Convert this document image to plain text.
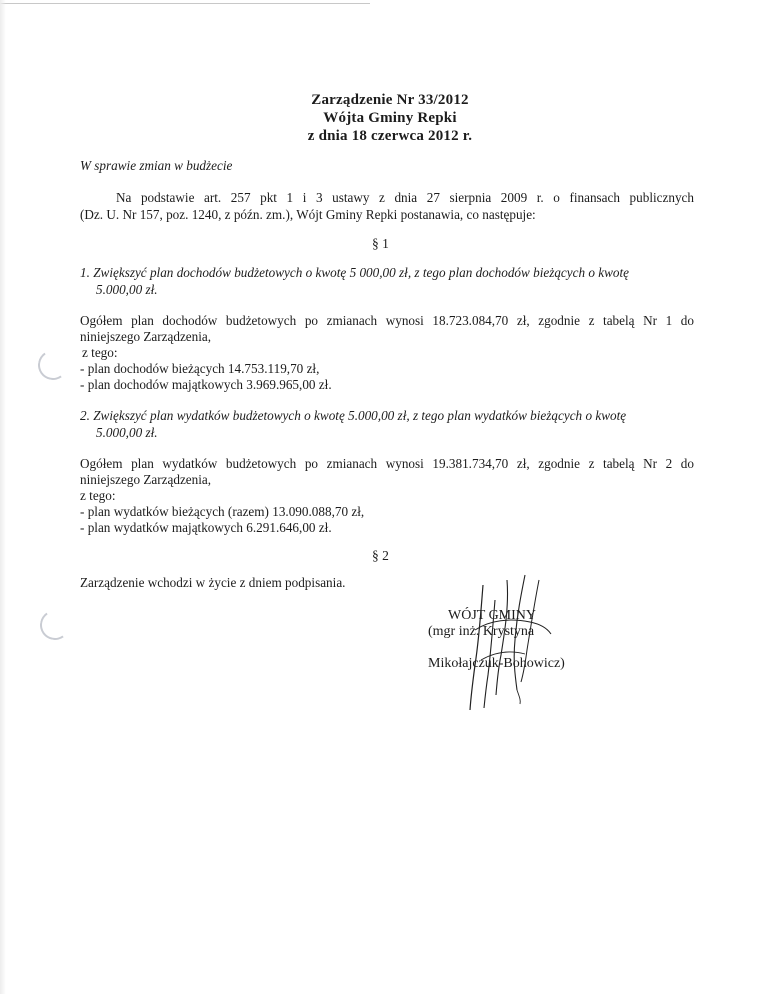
Zarządzenie Nr 33/2012
Wójta Gminy Repki
z dnia 18 czerwca 2012 r.
W sprawie zmian w budżecie
Na podstawie art. 257 pkt 1 i 3 ustawy z dnia 27 sierpnia 2009 r. o finansach publicznych
(Dz. U. Nr 157, poz. 1240, z późn. zm.), Wójt Gminy Repki postanawia, co następuje:
§ 1
1. Zwiększyć plan dochodów budżetowych o kwotę 5 000,00 zł, z tego plan dochodów bieżących o kwotę
5.000,00 zł.
Ogółem plan dochodów budżetowych po zmianach wynosi 18.723.084,70 zł, zgodnie z tabelą Nr 1 do
niniejszego Zarządzenia,
z tego:
- plan dochodów bieżących 14.753.119,70 zł,
- plan dochodów majątkowych 3.969.965,00 zł.
2. Zwiększyć plan wydatków budżetowych o kwotę 5.000,00 zł, z tego plan wydatków bieżących o kwotę
5.000,00 zł.
Ogółem plan wydatków budżetowych po zmianach wynosi 19.381.734,70 zł, zgodnie z tabelą Nr 2 do
niniejszego Zarządzenia,
z tego:
- plan wydatków bieżących (razem) 13.090.088,70 zł,
- plan wydatków majątkowych 6.291.646,00 zł.
§ 2
Zarządzenie wchodzi w życie z dniem podpisania.
WÓJT GMINY
(mgr inż. Krystyna
Mikołajczuk-Bohowicz)
